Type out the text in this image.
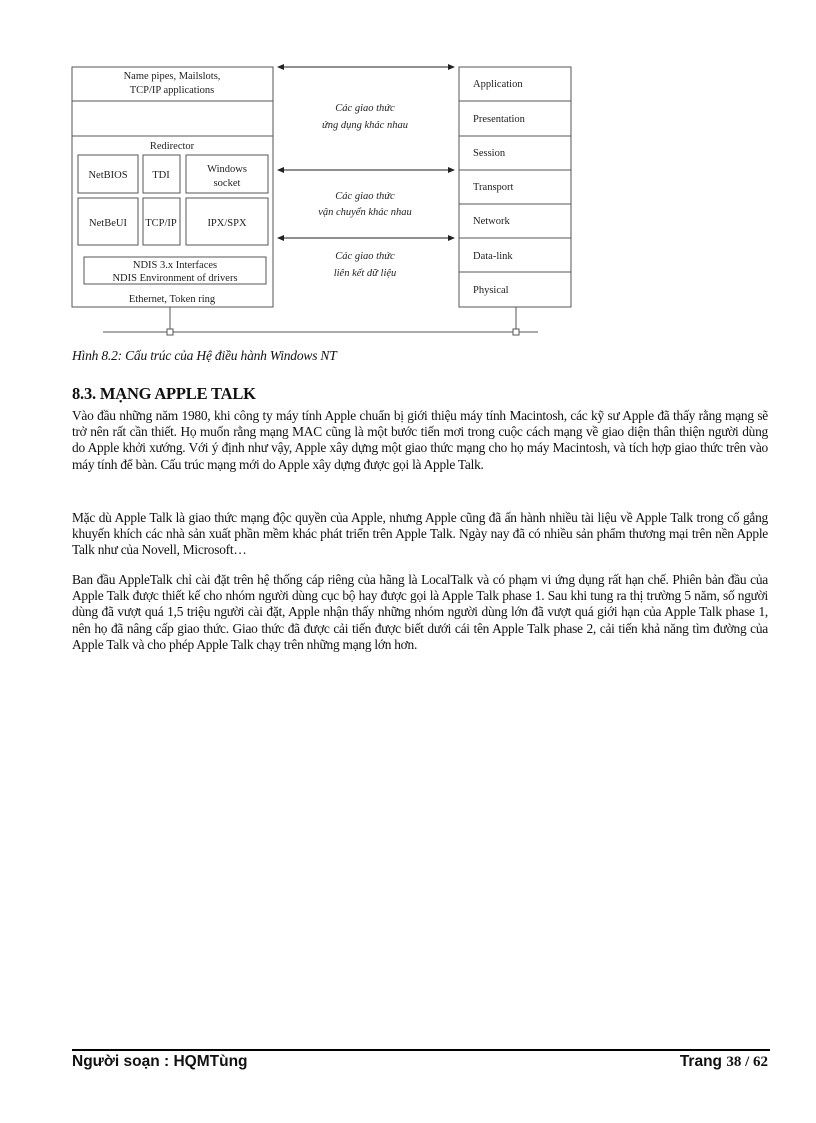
Name pipes, Mailslots,
TCP/IP applications
Redirector
NetBIOS TDI
Windows
socket
NetBeUI TCP/IP	IPX/SPX
NDIS 3.x Interfaces
NDIS Environment of drivers
Ethernet, Token ring
Application
Presentation
Session
Transport
Network
Data-link
Physical
Các giao thức
ứng dụng khác nhau
Các giao thức
vận chuyển khác nhau
Các giao thức
liên kết dữ liệu
Hình 8.2: Cấu trúc của Hệ điều hành Windows NT
8.3. MẠNG APPLE TALK

Vào đầu những năm 1980, khi công ty máy tính Apple chuẩn bị giới thiệu máy tính Macintosh, các kỹ sư Apple đã thấy rằng mạng sẽ trở nên rất cần thiết. Họ muốn rằng mạng MAC cũng là một bước tiến mơi trong cuộc cách mạng về giao diện thân thiện người dùng do Apple khởi xướng. Với ý định như vậy, Apple xây dựng một giao thức mạng cho họ máy Macintosh, và tích hợp giao thức trên vào máy tính để bàn. Cấu trúc mạng mới do Apple xây dựng được gọi là Apple Talk.

Mặc dù Apple Talk là giao thức mạng độc quyền của Apple, nhưng Apple cũng đã ấn hành nhiều tài liệu về Apple Talk trong cố gắng khuyến khích các nhà sản xuất phần mềm khác phát triển trên Apple Talk. Ngày nay đã có nhiều sản phẩm thương mại trên nền Apple Talk như của Novell, Microsoft…

Ban đầu AppleTalk chỉ cài đặt trên hệ thống cáp riêng của hãng là LocalTalk và có phạm vi ứng dụng rất hạn chế. Phiên bản đầu của Apple Talk được thiết kế cho nhóm người dùng cục bộ hay được gọi là Apple Talk phase 1. Sau khi tung ra thị trường 5 năm, số người dùng đã vượt quá 1,5 triệu người cài đặt, Apple nhận thấy những nhóm người dùng lớn đã vượt quá giới hạn của Apple Talk phase 1, nên họ đã nâng cấp giao thức. Giao thức đã được cải tiến được biết dưới cái tên Apple Talk phase 2, cải tiến khả năng tìm đường của Apple Talk và cho phép Apple Talk chạy trên những mạng lớn hơn.

Người soạn : HQMTùng	Trang 38 / 62
